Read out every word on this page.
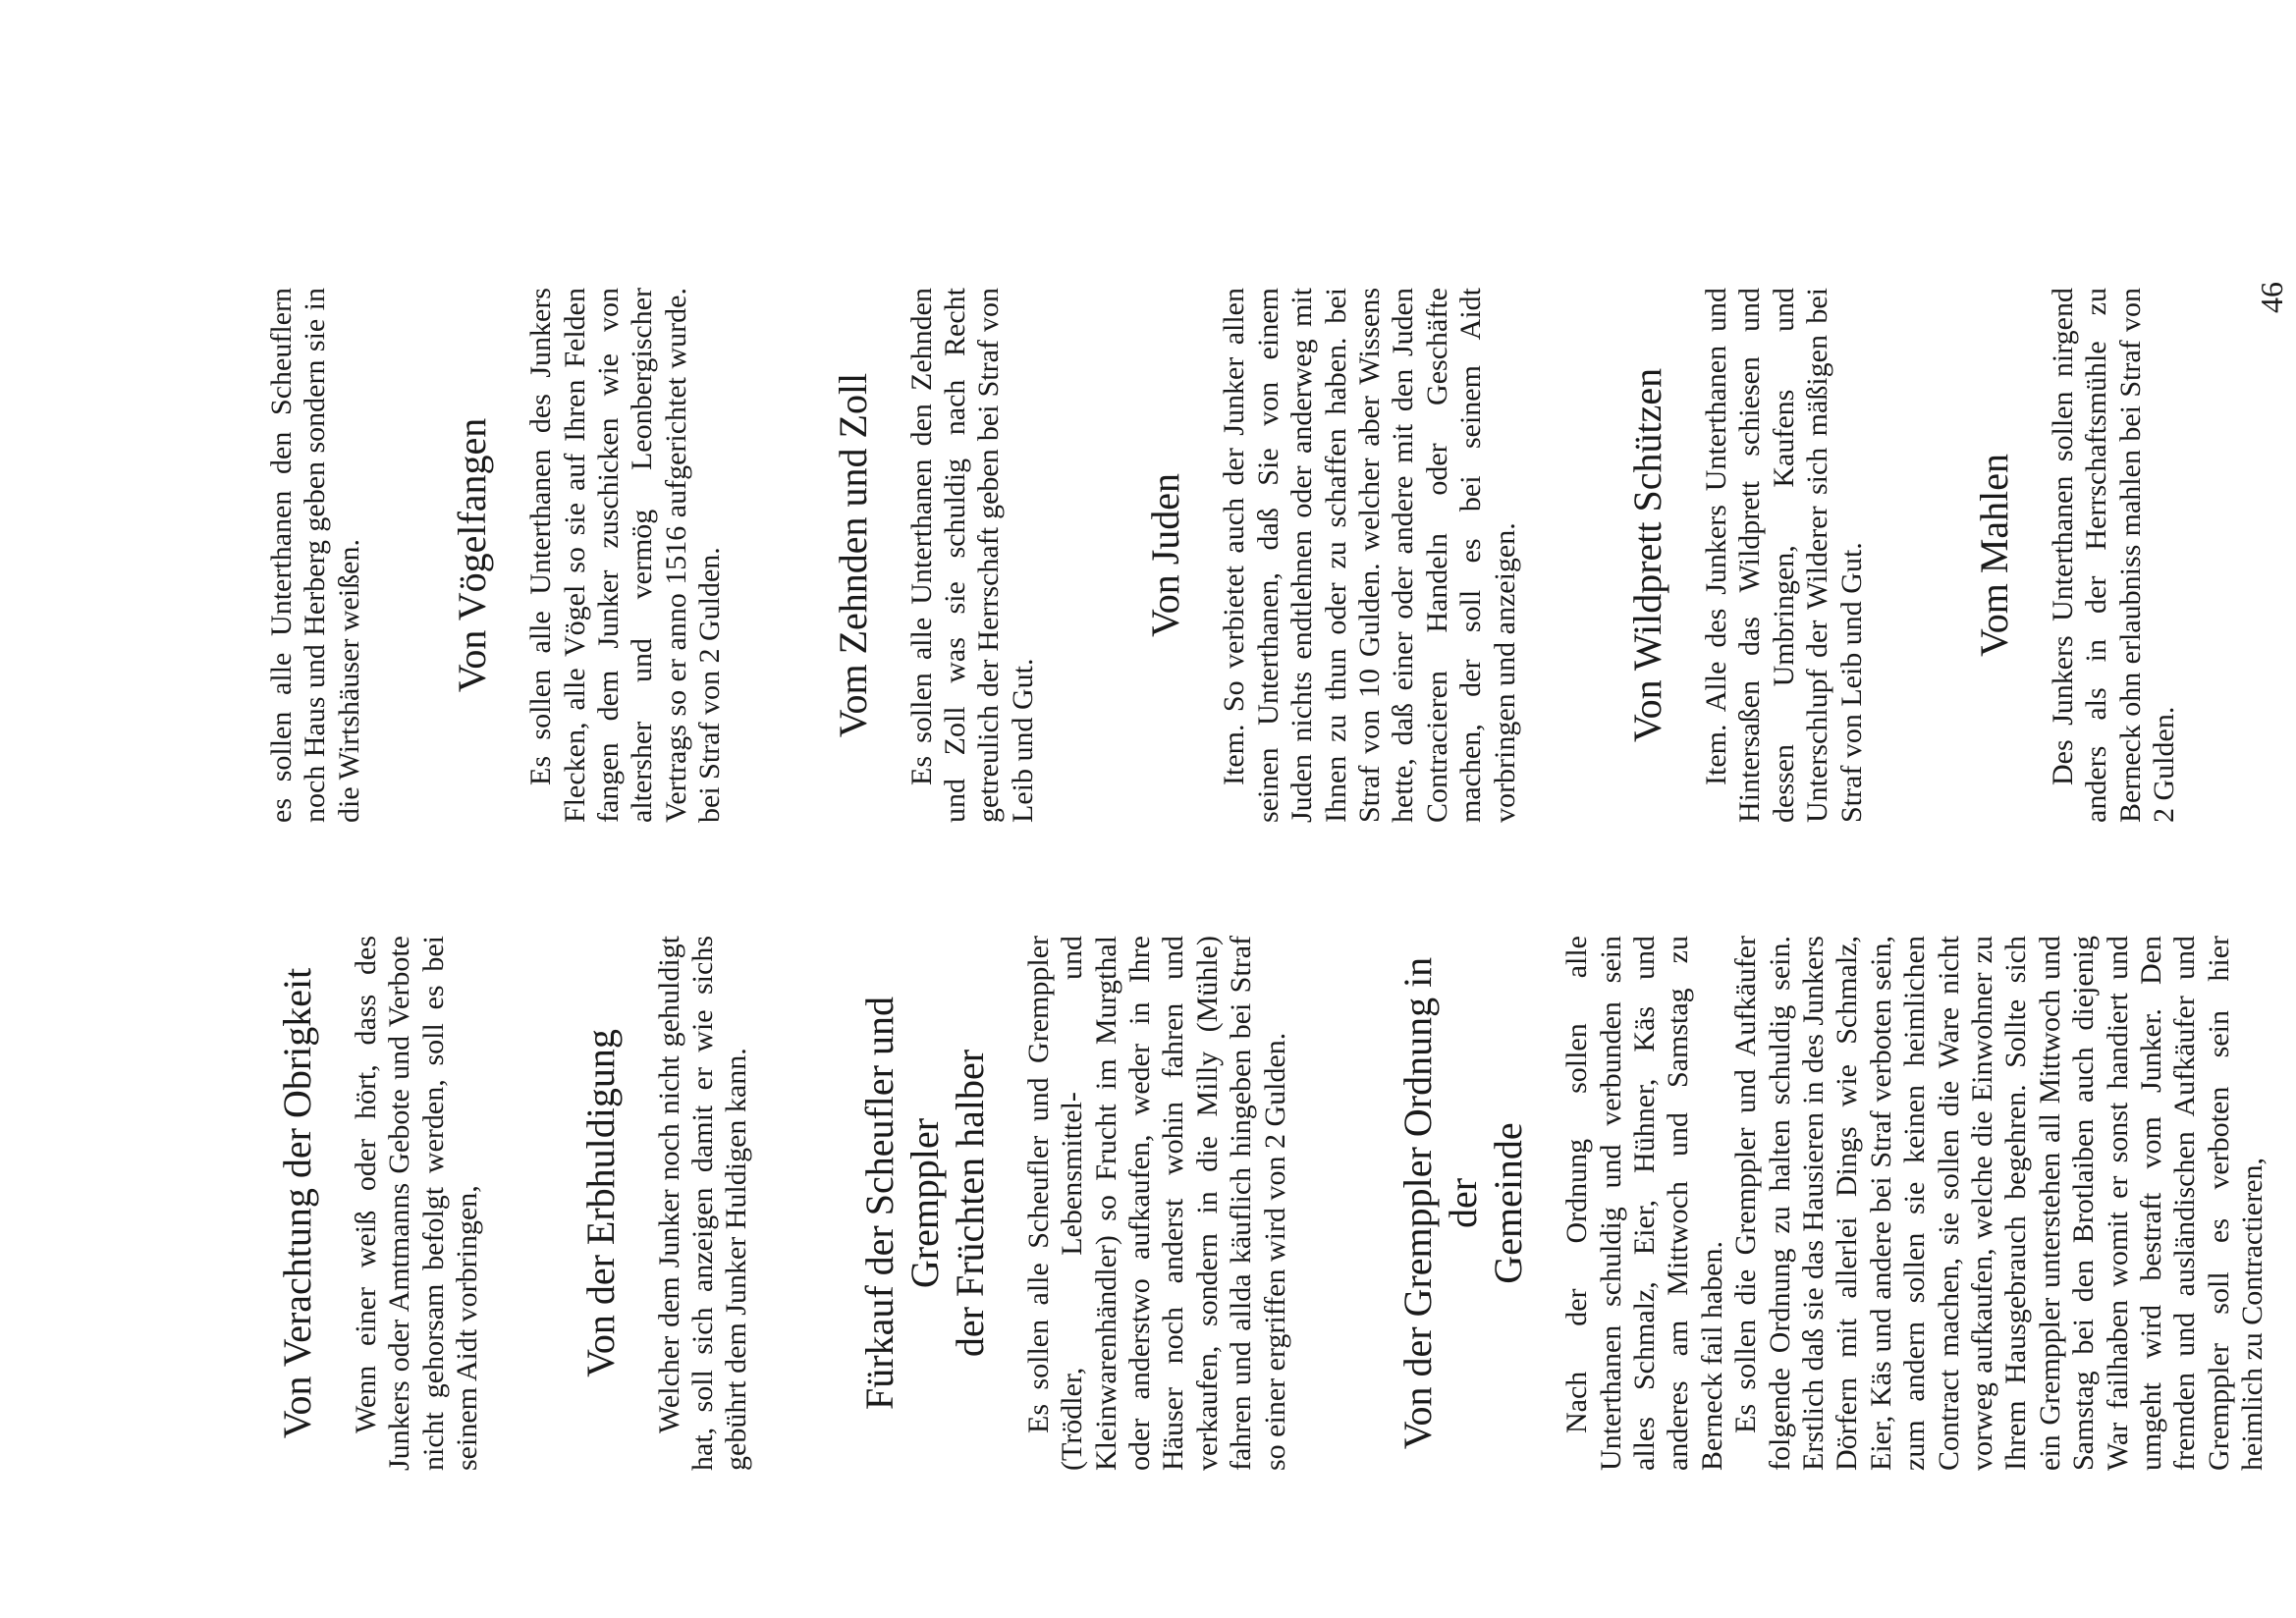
Von Verachtung der Obrigkeit Wenn einer weiß oder hört, dass des Junkers oder Amtmanns Gebote und Verbote nicht gehorsam befolgt werden, soll es bei seinem Aidt vorbringen, Von der Erbhuldigung Welcher dem Junker noch nicht gehuldigt hat, soll sich anzeigen damit er wie sichs gebührt dem Junker Huldigen kann.	Fürkauf der Scheufler und Gremppler
der Früchten halber Es sollen alle Scheufler und Gremppler (Trödler, Lebensmittel- und Kleinwarenhändler) so Frucht im Murgthal oder anderstwo aufkaufen, weder in Ihre Häuser noch anderst wohin fahren und verkaufen, sondern in die Milly (Mühle) fahren und allda käuflich hingeben bei Straf so einer ergriffen wird von 2 Gulden.	Von der Gremppler Ordnung in der
Gemeinde Nach der Ordnung sollen alle Unterthanen schuldig und verbunden sein alles Schmalz, Eier, Hühner, Käs und anderes am Mittwoch und Samstag zu Berneck fail haben. Es sollen die Gremppler und Aufkäufer folgende Ordnung zu halten schuldig sein. Erstlich daß sie das Hausieren in des Junkers Dörfern mit allerlei Dings wie Schmalz, Eier, Käs und andere bei Straf verboten sein, zum andern sollen sie keinen heimlichen Contract machen, sie sollen die Ware nicht vorweg aufkaufen, welche die Einwohner zu Ihrem Hausgebrauch begehren. Sollte sich ein Gremppler unterstehen all Mittwoch und Samstag bei den Brotlaiben auch diejenig War failhaben womit er sonst handiert und umgeht wird bestraft vom Junker. Den fremden und ausländischen Aufkäufer und Gremppler soll es verboten sein hier heimlich zu Contractieren,

es sollen alle Unterthanen den Scheuflern noch Haus und Herberg geben sondern sie in die Wirtshäuser weißen. Von Vögelfangen Es sollen alle Unterthanen des Junkers Flecken, alle Vögel so sie auf Ihren Felden fangen dem Junker zuschicken wie von altersher und vermög Leonbergischer Vertrags so er anno 1516 aufgerichtet wurde. bei Straf von 2 Gulden.	Vom Zehnden und Zoll Es sollen alle Unterthanen den Zehnden und Zoll was sie schuldig nach Recht getreulich der Herrschaft geben bei Straf von Leib und Gut.

Von Juden Item. So verbietet auch der Junker allen seinen Unterthanen, daß Sie von einem Juden nichts endtlehnen oder anderweg mit Ihnen zu thun oder zu schaffen haben. bei Straf von 10 Gulden. welcher aber Wissens hette, daß einer oder andere mit den Juden Contracieren Handeln oder Geschäfte machen, der soll es bei seinem Aidt vorbringen und anzeigen.	Von Wildprett Schützen Item. Alle des Junkers Unterthanen und Hintersaßen das Wildprett schiesen und dessen Umbringen, Kaufens und Unterschlupf der Wilderer sich mäßigen bei Straf von Leib und Gut.	Vom Mahlen Des Junkers Unterthanen sollen nirgend anders als in der Herrschaftsmühle zu Berneck ohn erlaubniss mahlen bei Straf von 2 Gulden.

46
